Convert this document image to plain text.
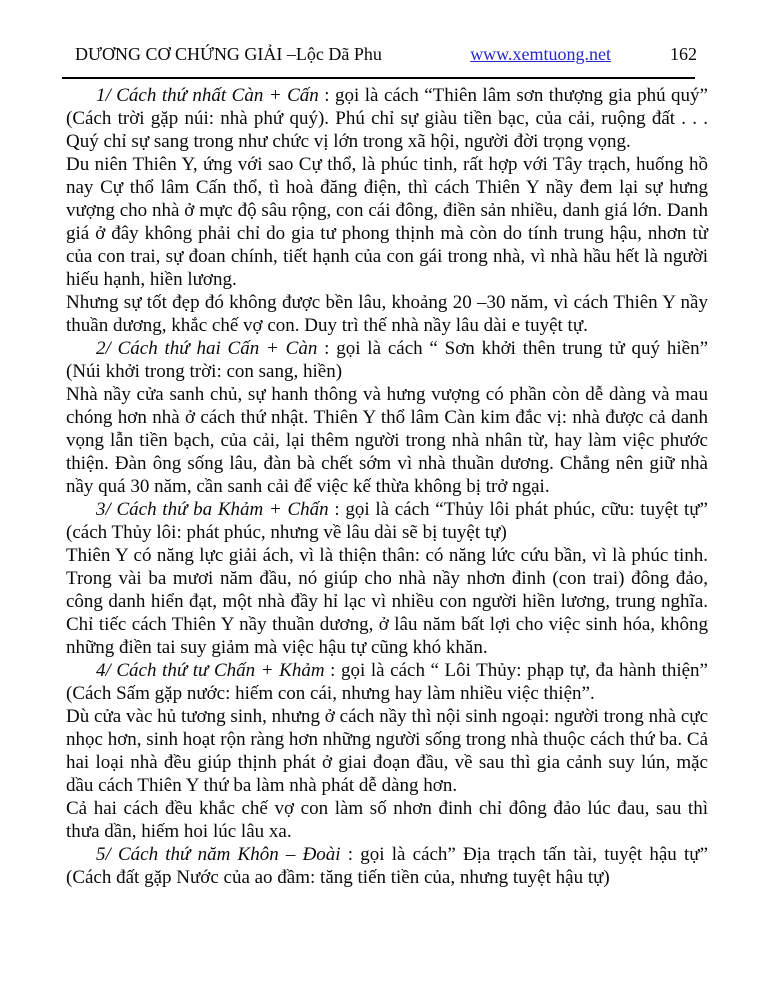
DƯƠNG CƠ CHỨNG GIẢI –Lộc Dã Phu	www.xemtuong.net	162

1/ Cách thứ nhất Càn + Cấn : gọi là cách “Thiên lâm sơn thượng gia phú quý” (Cách trời gặp núi: nhà phứ quý). Phú chỉ sự giàu tiền bạc, của cải, ruộng đất . . . Quý chỉ sự sang trong như chức vị lớn trong xã hội, người đời trọng vọng.

Du niên Thiên Y, ứng với sao Cự thổ, là phúc tinh, rất hợp với Tây trạch, huống hồ nay Cự thổ lâm Cấn thổ, tì hoà đăng điện, thì cách Thiên Y nầy đem lại sự hưng vượng cho nhà ở mực độ sâu rộng, con cái đông, điền sản nhiều, danh giá lớn. Danh giá ở đây không phải chỉ do gia tư phong thịnh mà còn do tính trung hậu, nhơn từ của con trai, sự đoan chính, tiết hạnh của con gái trong nhà, vì nhà hầu hết là người hiếu hạnh, hiền lương.

Nhưng sự tốt đẹp đó không được bền lâu, khoảng 20 –30 năm, vì cách Thiên Y nầy thuần dương, khắc chế vợ con. Duy trì thế nhà nầy lâu dài e tuyệt tự.

2/ Cách thứ hai Cấn + Càn : gọi là cách “ Sơn khởi thên trung tử quý hiền” (Núi khởi trong trời: con sang, hiền)

Nhà nầy cửa sanh chủ, sự hanh thông và hưng vượng có phần còn dễ dàng và mau chóng hơn nhà ở cách thứ nhật. Thiên Y thổ lâm Càn kim đắc vị: nhà được cả danh vọng lẫn tiền bạch, của cải, lại thêm người trong nhà nhân từ, hay làm việc phước thiện. Đàn ông sống lâu, đàn bà chết sớm vì nhà thuần dương. Chẳng nên giữ nhà nầy quá 30 năm, cần sanh cải để việc kế thừa không bị trở ngại.

3/ Cách thứ ba Khảm + Chấn : gọi là cách “Thủy lôi phát phúc, cữu: tuyệt tự” (cách Thủy lôi: phát phúc, nhưng về lâu dài sẽ bị tuyệt tự)

Thiên Y có năng lực giải ách, vì là thiện thân: có năng lức cứu bần, vì là phúc tinh. Trong vài ba mươi năm đầu, nó giúp cho nhà nầy nhơn đinh (con trai) đông đảo, công danh hiển đạt, một nhà đầy hỉ lạc vì nhiều con người hiền lương, trung nghĩa. Chỉ tiếc cách Thiên Y nầy thuần dương, ở lâu năm bất lợi cho việc sinh hóa, không những điền tai suy giảm mà việc hậu tự cũng khó khăn.

4/ Cách thứ tư Chấn + Khảm : gọi là cách “ Lôi Thủy: phạp tự, đa hành thiện” (Cách Sấm gặp nước: hiếm con cái, nhưng hay làm nhiều việc thiện”.

Dù cửa vàc hủ tương sinh, nhưng ở cách nầy thì nội sinh ngoại: người trong nhà cực nhọc hơn, sinh hoạt rộn ràng hơn những người sống trong nhà thuộc cách thứ ba. Cả hai loại nhà đều giúp thịnh phát ở giai đoạn đầu, về sau thì gia cảnh suy lún, mặc dầu cách Thiên Y thứ ba làm nhà phát dễ dàng hơn.

Cả hai cách đều khắc chế vợ con làm số nhơn đinh chỉ đông đảo lúc đau, sau thì thưa dần, hiếm hoi lúc lâu xa.

5/ Cách thứ năm Khôn – Đoài : gọi là cách” Địa trạch tấn tài, tuyệt hậu tự” (Cách đất gặp Nước của ao đầm: tăng tiến tiền của, nhưng tuyệt hậu tự)
